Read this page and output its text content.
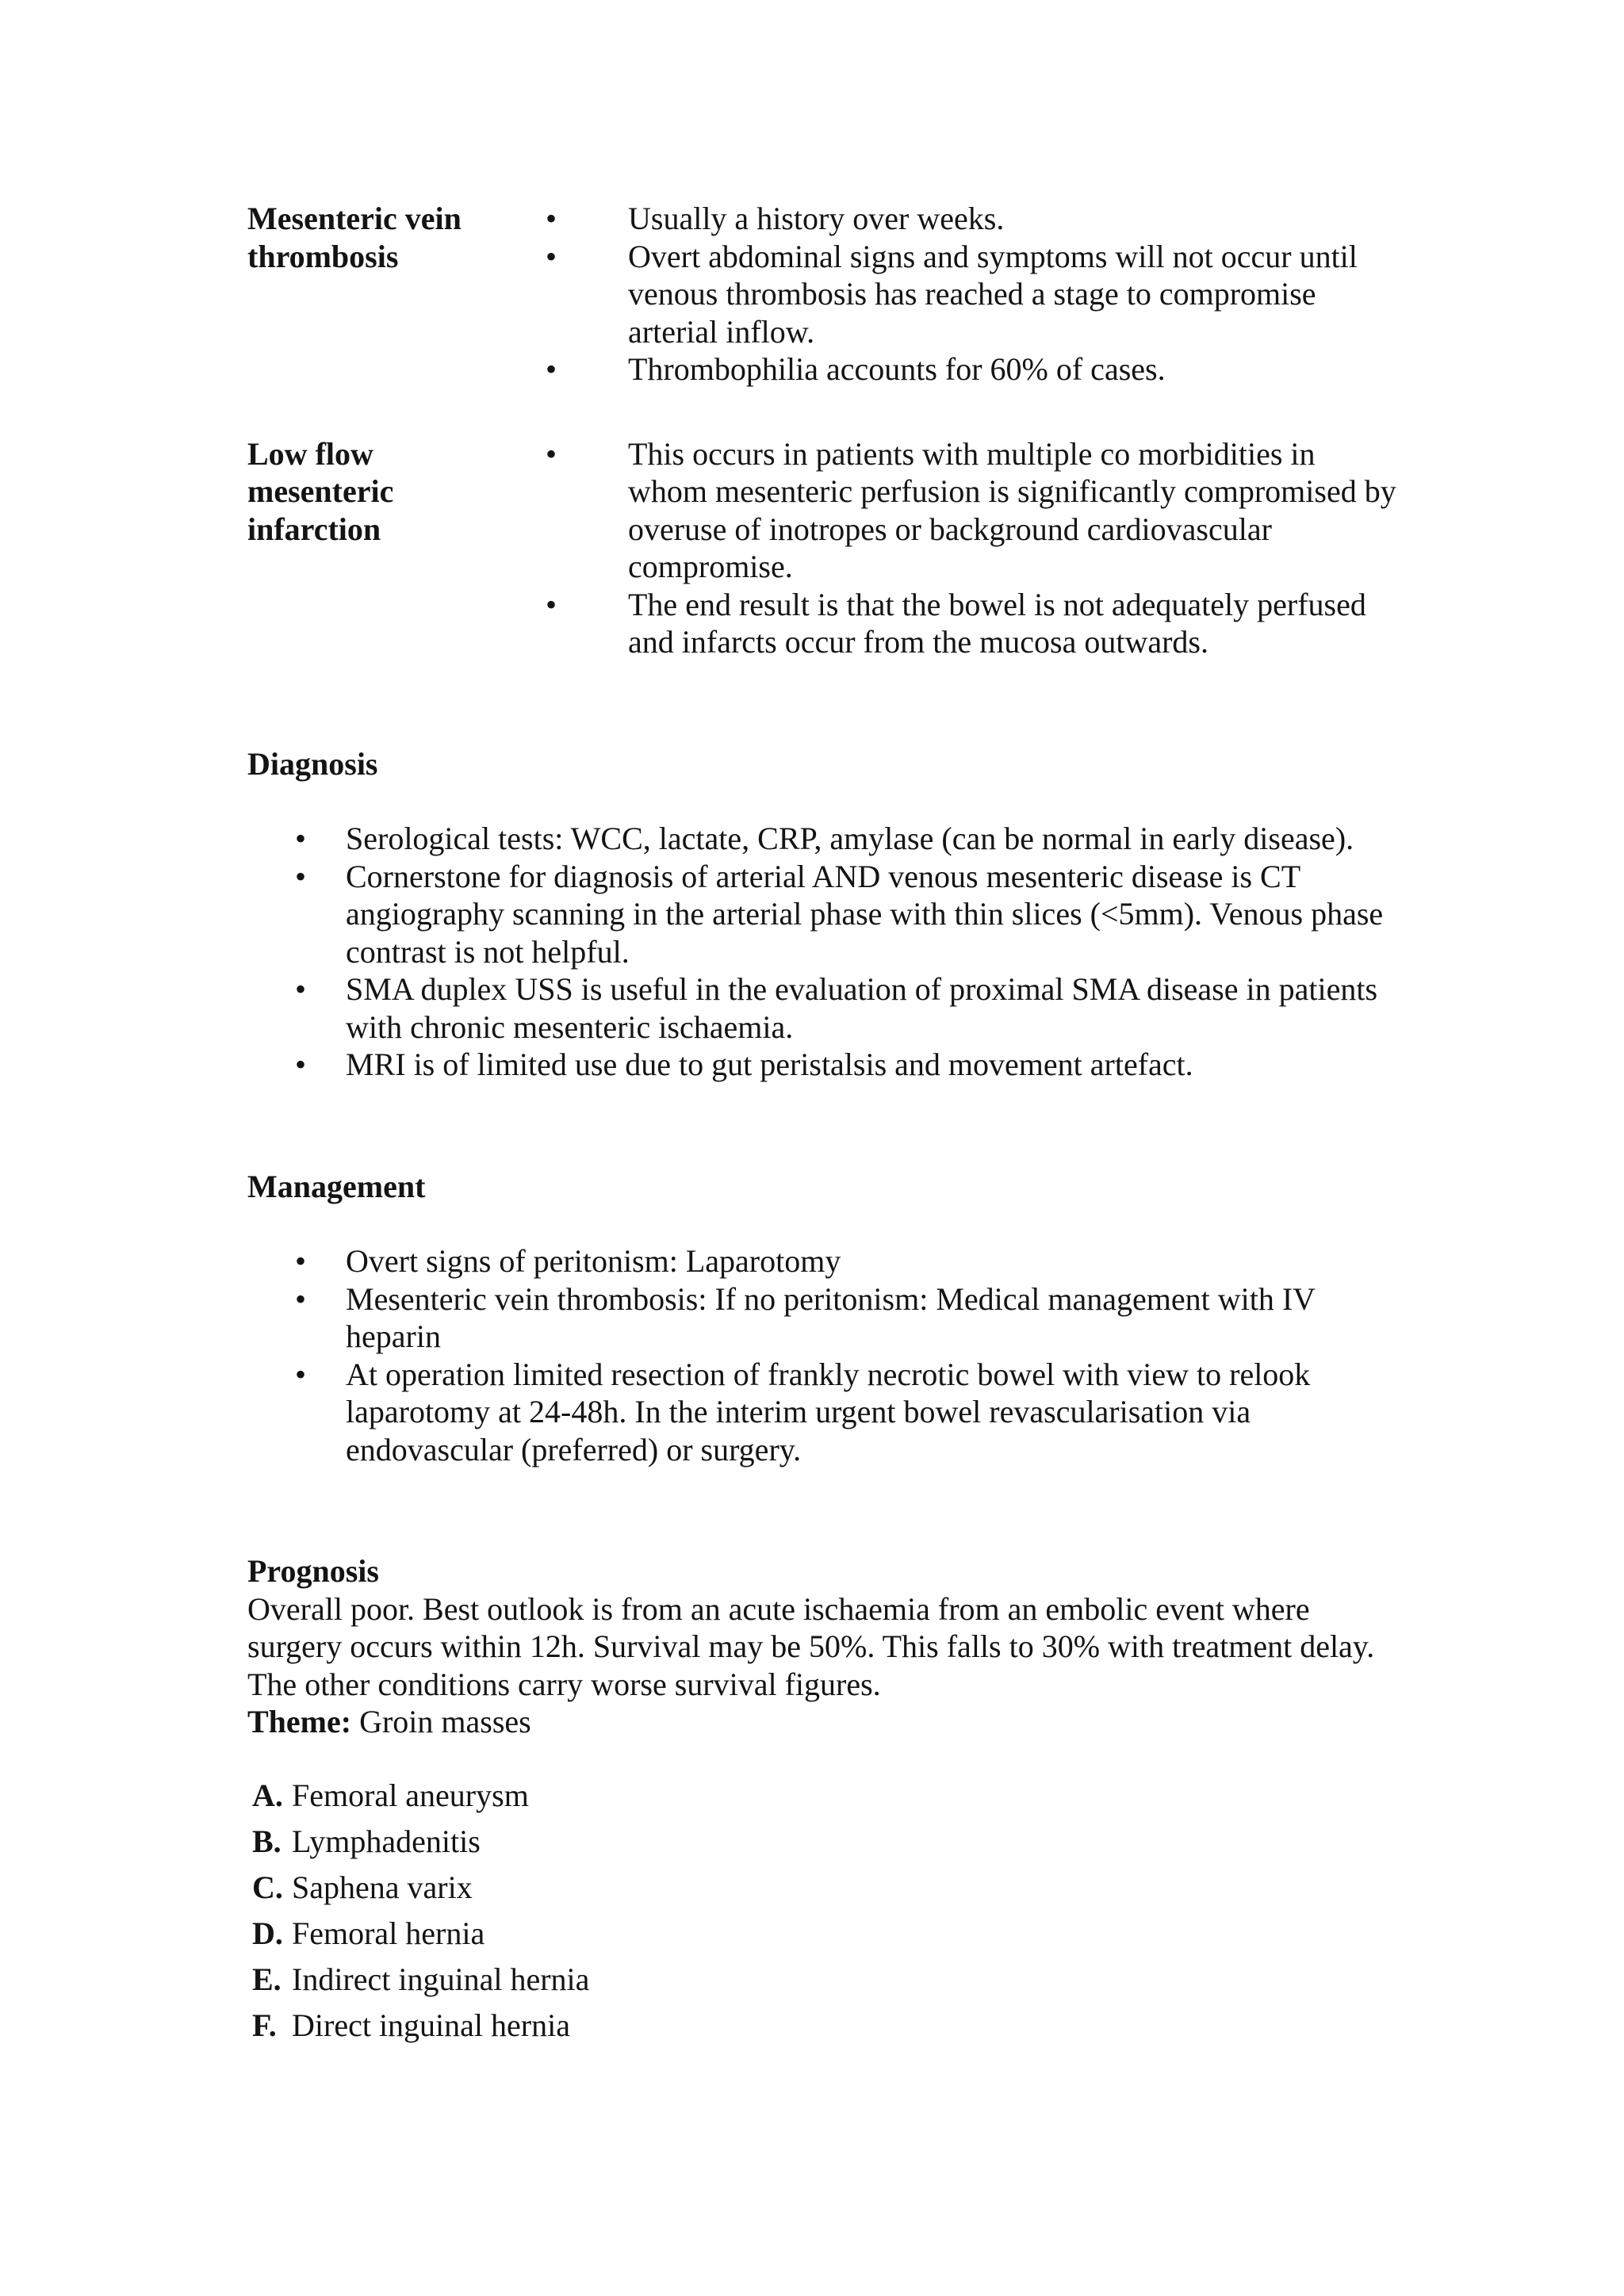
Mesenteric vein
thrombosis
• Usually a history over weeks.
• Overt abdominal signs and symptoms will not occur until venous thrombosis has reached a stage to compromise arterial inflow.
• Thrombophilia accounts for 60% of cases.
Low flow
mesenteric
infarction
• This occurs in patients with multiple co morbidities in whom mesenteric perfusion is significantly compromised by overuse of inotropes or background cardiovascular compromise.
• The end result is that the bowel is not adequately perfused and infarcts occur from the mucosa outwards.
Diagnosis
• Serological tests: WCC, lactate, CRP, amylase (can be normal in early disease).
• Cornerstone for diagnosis of arterial AND venous mesenteric disease is CT angiography scanning in the arterial phase with thin slices (<5mm). Venous phase contrast is not helpful.
• SMA duplex USS is useful in the evaluation of proximal SMA disease in patients with chronic mesenteric ischaemia.
• MRI is of limited use due to gut peristalsis and movement artefact.
Management
• Overt signs of peritonism: Laparotomy
• Mesenteric vein thrombosis: If no peritonism: Medical management with IV heparin
• At operation limited resection of frankly necrotic bowel with view to relook laparotomy at 24-48h. In the interim urgent bowel revascularisation via endovascular (preferred) or surgery.
Prognosis
Overall poor. Best outlook is from an acute ischaemia from an embolic event where surgery occurs within 12h. Survival may be 50%. This falls to 30% with treatment delay. The other conditions carry worse survival figures.
Theme: Groin masses
A. Femoral aneurysm
B. Lymphadenitis
C. Saphena varix
D. Femoral hernia
E. Indirect inguinal hernia
F. Direct inguinal hernia
